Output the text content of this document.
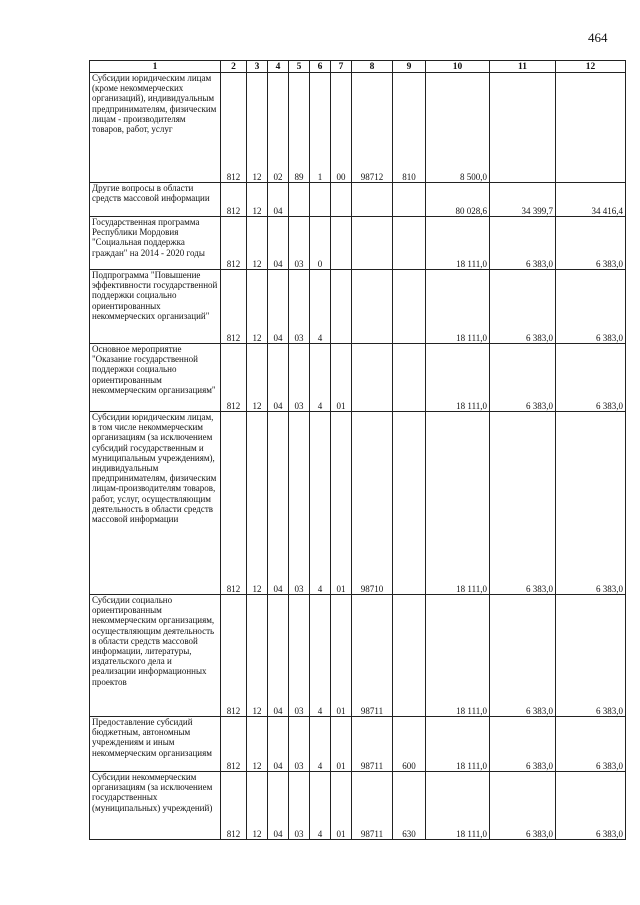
464
1	2	3	4	5	6	7	8	9	10	11	12
Субсидии юридическим лицам (кроме некоммерческих организаций), индивидуальным предпринимателям, физическим лицам - производителям товаров, работ, услуг	812	12	02	89	1	00	98712	810	8 500,0		
Другие вопросы в области средств массовой информации	812	12	04						80 028,6	34 399,7	34 416,4
Государственная программа Республики Мордовия "Социальная поддержка граждан" на 2014 - 2020 годы	812	12	04	03	0				18 111,0	6 383,0	6 383,0
Подпрограмма "Повышение эффективности государственной поддержки социально ориентированных некоммерческих организаций"	812	12	04	03	4				18 111,0	6 383,0	6 383,0
Основное мероприятие "Оказание государственной поддержки социально ориентированным некоммерческим организациям"	812	12	04	03	4	01			18 111,0	6 383,0	6 383,0
Субсидии юридическим лицам, в том числе некоммерческим организациям (за исключением субсидий государственным и муниципальным учреждениям), индивидуальным предпринимателям, физическим лицам-производителям товаров, работ, услуг, осуществляющим деятельность в области средств массовой информации	812	12	04	03	4	01	98710		18 111,0	6 383,0	6 383,0
Субсидии социально ориентированным некоммерческим организациям, осуществляющим деятельность в области средств массовой информации, литературы, издательского дела и реализации информационных проектов	812	12	04	03	4	01	98711		18 111,0	6 383,0	6 383,0
Предоставление субсидий бюджетным, автономным учреждениям и иным некоммерческим организациям	812	12	04	03	4	01	98711	600	18 111,0	6 383,0	6 383,0
Субсидии некоммерческим организациям (за исключением государственных (муниципальных) учреждений)	812	12	04	03	4	01	98711	630	18 111,0	6 383,0	6 383,0
